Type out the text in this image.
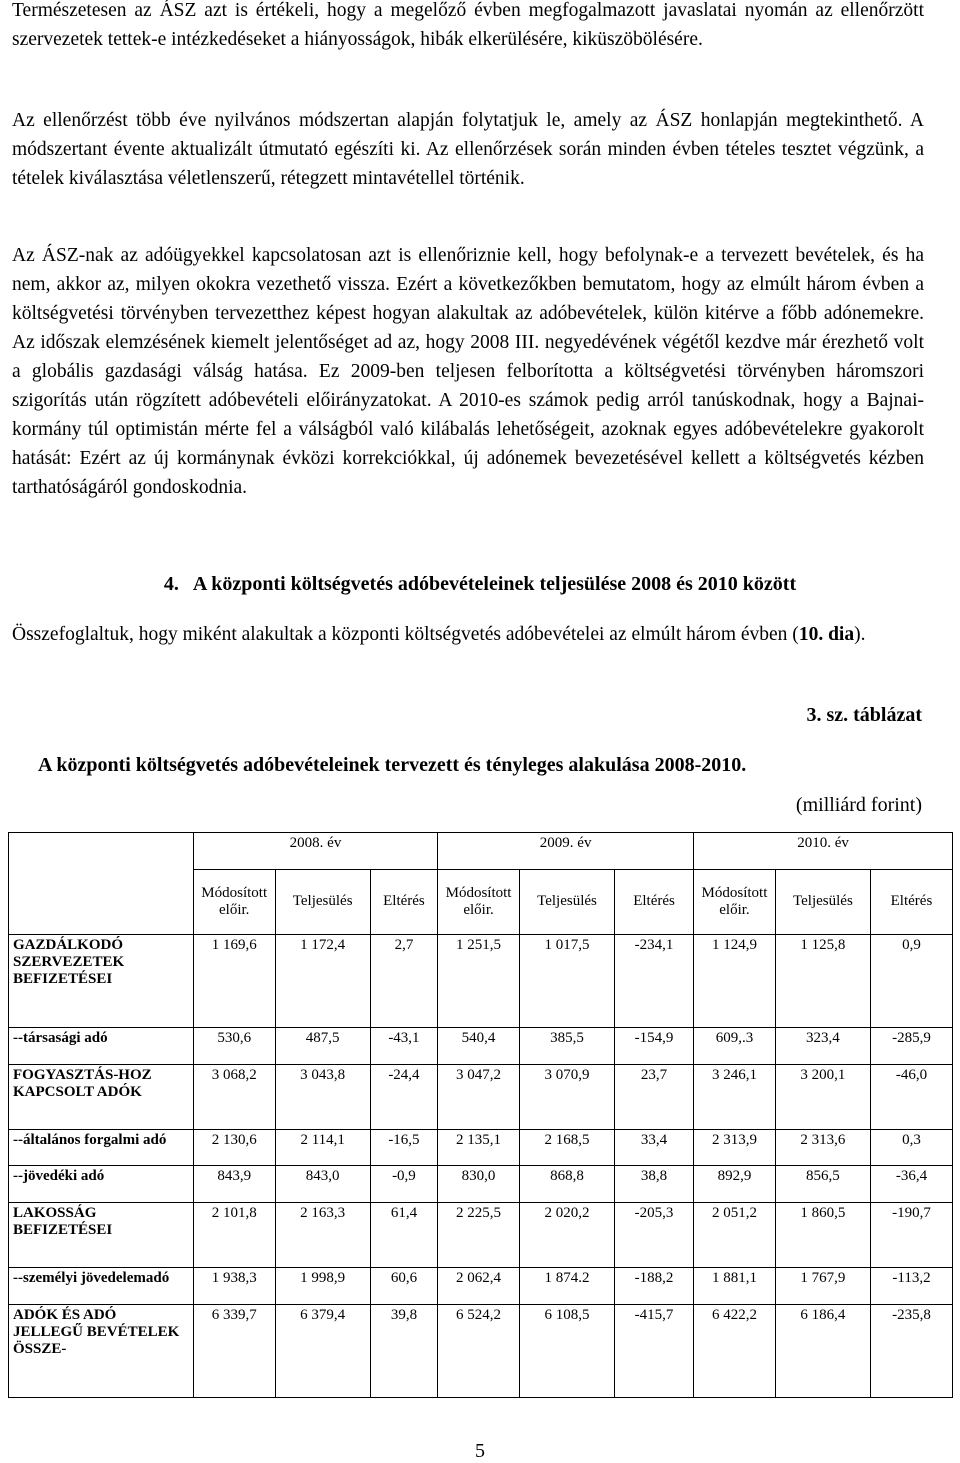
Természetesen az ÁSZ azt is értékeli, hogy a megelőző évben megfogalmazott javaslatai nyomán az ellenőrzött szervezetek tettek-e intézkedéseket a hiányosságok, hibák elkerülésére, kiküszöbölésére.

Az ellenőrzést több éve nyilvános módszertan alapján folytatjuk le, amely az ÁSZ honlapján megtekinthető. A módszertant évente aktualizált útmutató egészíti ki. Az ellenőrzések során minden évben tételes tesztet végzünk, a tételek kiválasztása véletlenszerű, rétegzett mintavétellel történik.

Az ÁSZ-nak az adóügyekkel kapcsolatosan azt is ellenőriznie kell, hogy befolynak-e a tervezett bevételek, és ha nem, akkor az, milyen okokra vezethető vissza. Ezért a következőkben bemutatom, hogy az elmúlt három évben a költségvetési törvényben tervezetthez képest hogyan alakultak az adóbevételek, külön kitérve a főbb adónemekre. Az időszak elemzésének kiemelt jelentőséget ad az, hogy 2008 III. negyedévének végétől kezdve már érezhető volt a globális gazdasági válság hatása. Ez 2009-ben teljesen felborította a költségvetési törvényben háromszori szigorítás után rögzített adóbevételi előirányzatokat. A 2010-es számok pedig arról tanúskodnak, hogy a Bajnai-kormány túl optimistán mérte fel a válságból való kilábalás lehetőségeit, azoknak egyes adóbevételekre gyakorolt hatását: Ezért az új kormánynak évközi korrekciókkal, új adónemek bevezetésével kellett a költségvetés kézben tarthatóságáról gondoskodnia.

4. A központi költségvetés adóbevételeinek teljesülése 2008 és 2010 között

Összefoglaltuk, hogy miként alakultak a központi költségvetés adóbevételei az elmúlt három évben (10. dia).

3. sz. táblázat
A központi költségvetés adóbevételeinek tervezett és tényleges alakulása 2008-2010.
(milliárd forint)
	2008. év			2009. év			2010. év		
	Módosított előir.	Teljesülés	Eltérés	Módosított előir.	Teljesülés	Eltérés	Módosított előir.	Teljesülés	Eltérés
GAZDÁLKODÓ SZERVEZETEK BEFIZETÉSEI	1 169,6	1 172,4	2,7	1 251,5	1 017,5	-234,1	1 124,9	1 125,8	0,9
--társasági adó	530,6	487,5	-43,1	540,4	385,5	-154,9	609,.3	323,4	-285,9
FOGYASZTÁS-HOZ KAPCSOLT ADÓK	3 068,2	3 043,8	-24,4	3 047,2	3 070,9	23,7	3 246,1	3 200,1	-46,0
--általános forgalmi adó	2 130,6	2 114,1	-16,5	2 135,1	2 168,5	33,4	2 313,9	2 313,6	0,3
--jövedéki adó	843,9	843,0	-0,9	830,0	868,8	38,8	892,9	856,5	-36,4
LAKOSSÁG BEFIZETÉSEI	2 101,8	2 163,3	61,4	2 225,5	2 020,2	-205,3	2 051,2	1 860,5	-190,7
--személyi jövedelemadó	1 938,3	1 998,9	60,6	2 062,4	1 874.2	-188,2	1 881,1	1 767,9	-113,2
ADÓK ÉS ADÓ JELLEGŰ BEVÉTELEK ÖSSZE-	6 339,7	6 379,4	39,8	6 524,2	6 108,5	-415,7	6 422,2	6 186,4	-235,8
5
